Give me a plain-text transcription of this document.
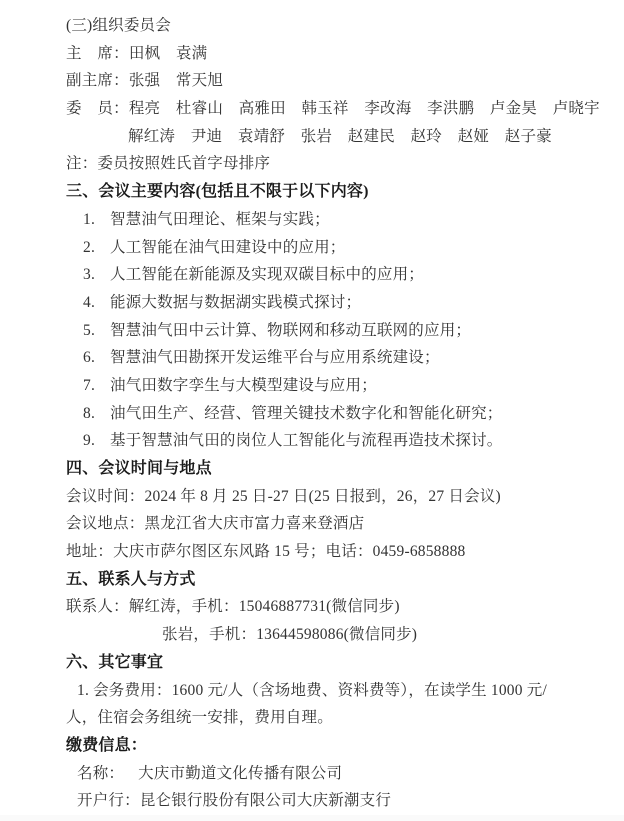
(三)组织委员会
主　席：田枫　袁满
副主席：张强　常天旭
委　员：程亮　杜睿山　高雅田　韩玉祥　李改海　李洪鹏　卢金昊　卢晓宇
解红涛　尹迪　袁靖舒　张岩　赵建民　赵玲　赵娅　赵子豪
注：委员按照姓氏首字母排序
三、会议主要内容(包括且不限于以下内容)
1. 智慧油气田理论、框架与实践；
2. 人工智能在油气田建设中的应用；
3. 人工智能在新能源及实现双碳目标中的应用；
4. 能源大数据与数据湖实践模式探讨；
5. 智慧油气田中云计算、物联网和移动互联网的应用；
6. 智慧油气田勘探开发运维平台与应用系统建设；
7. 油气田数字孪生与大模型建设与应用；
8. 油气田生产、经营、管理关键技术数字化和智能化研究；
9. 基于智慧油气田的岗位人工智能化与流程再造技术探讨。
四、会议时间与地点
会议时间：2024 年 8 月 25 日-27 日(25 日报到，26，27 日会议)
会议地点：黑龙江省大庆市富力喜来登酒店
地址：大庆市萨尔图区东风路 15 号；电话：0459-6858888
五、联系人与方式
联系人：解红涛，手机：15046887731(微信同步)
张岩，手机：13644598086(微信同步)
六、其它事宜
1. 会务费用：1600 元/人（含场地费、资料费等），在读学生 1000 元/
人，住宿会务组统一安排，费用自理。
缴费信息：
名称： 大庆市勤道文化传播有限公司
开户行：昆仑银行股份有限公司大庆新潮支行
